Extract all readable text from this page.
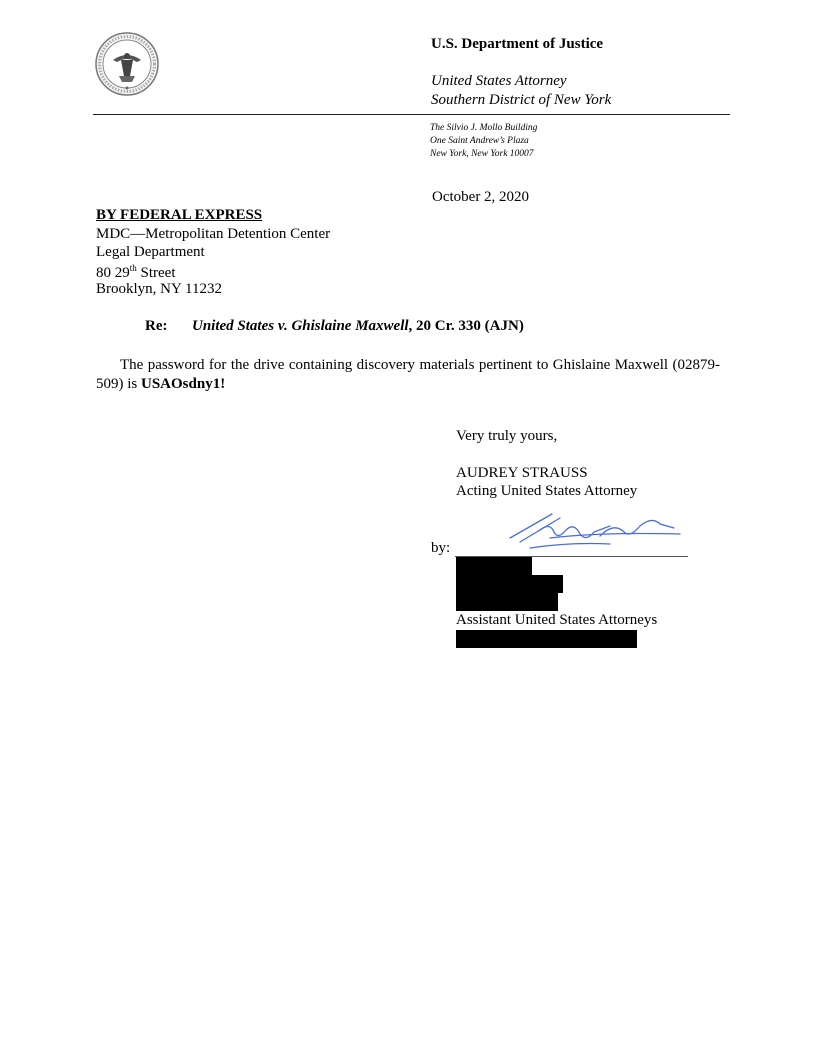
U.S. Department of Justice
United States Attorney
Southern District of New York
The Silvio J. Mollo Building
One Saint Andrew’s Plaza
New York, New York 10007
October 2, 2020
BY FEDERAL EXPRESS
MDC—Metropolitan Detention Center
Legal Department
80 29th Street
Brooklyn, NY 11232
Re: United States v. Ghislaine Maxwell, 20 Cr. 330 (AJN)
The password for the drive containing discovery materials pertinent to Ghislaine Maxwell (02879-509) is USAOsdny1!
Very truly yours,
AUDREY STRAUSS
Acting United States Attorney
by:
Assistant United States Attorneys
